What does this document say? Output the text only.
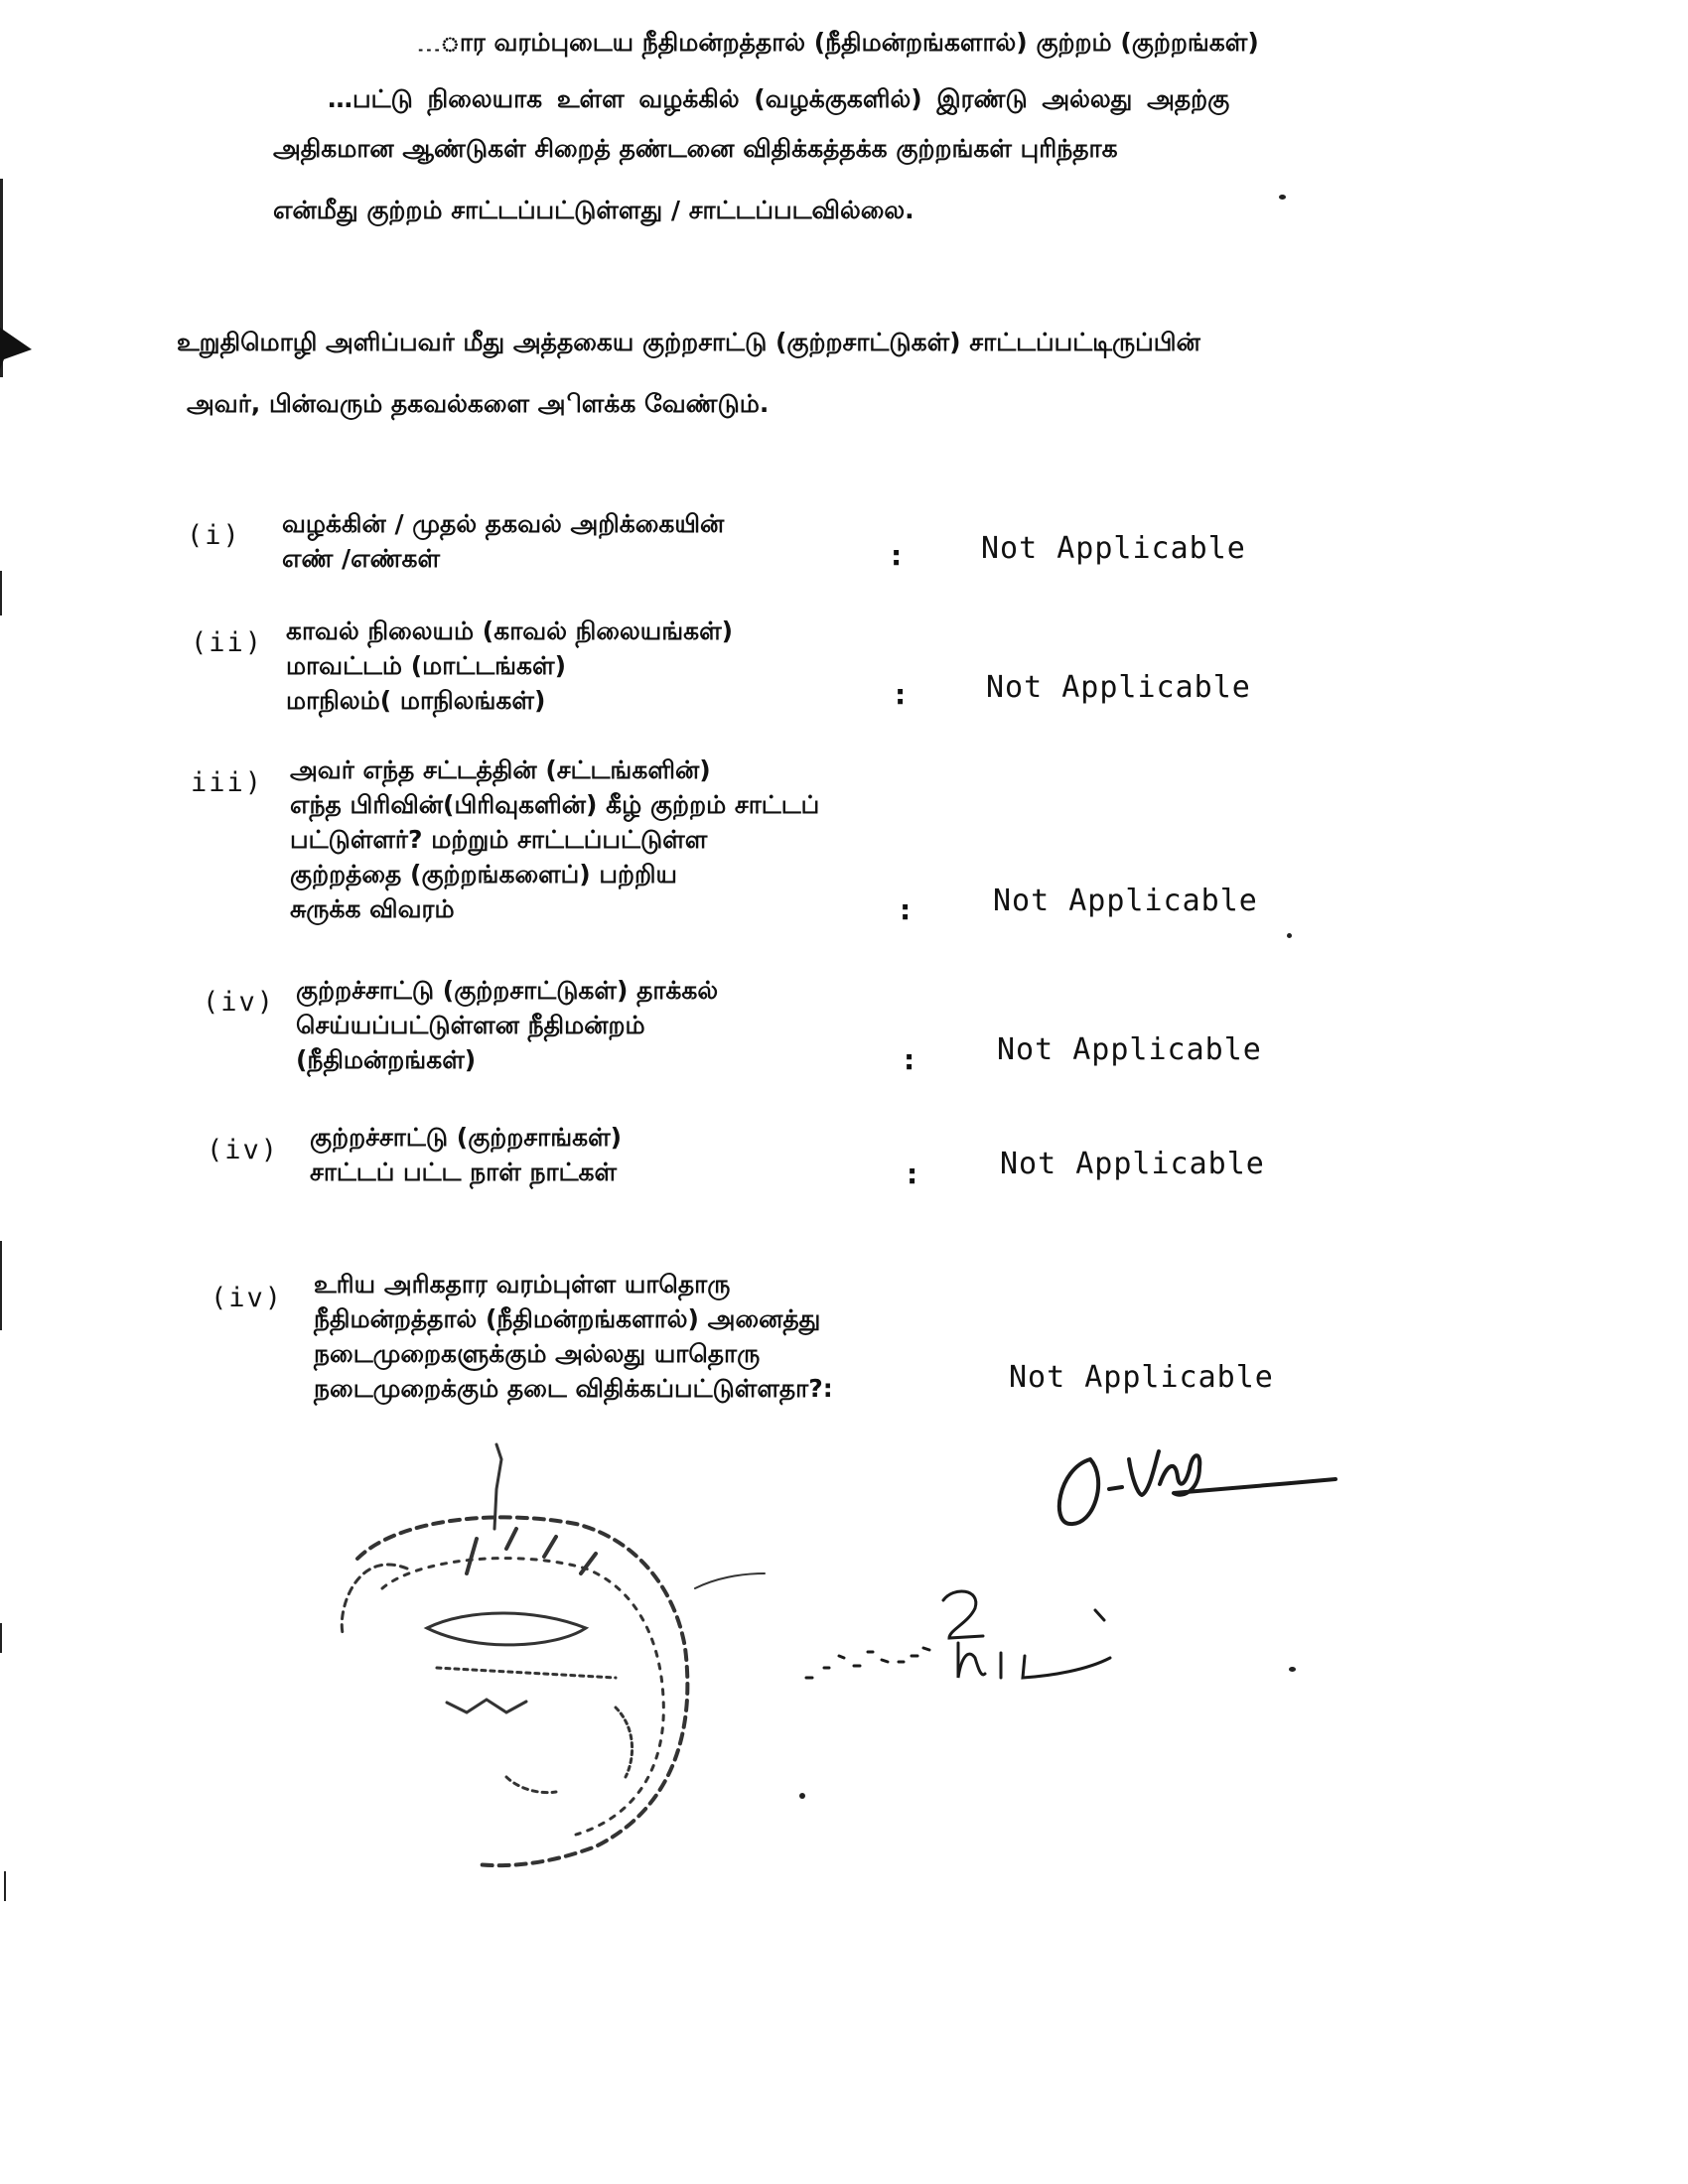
…ார வரம்புடைய நீதிமன்றத்தால் (நீதிமன்றங்களால்) குற்றம் (குற்றங்கள்)
…பட்டு நிலையாக உள்ள வழக்கில் (வழக்குகளில்) இரண்டு அல்லது அதற்கு
அதிகமான ஆண்டுகள் சிறைத் தண்டனை விதிக்கத்தக்க குற்றங்கள் புரிந்தாக
என்மீது குற்றம் சாட்டப்பட்டுள்ளது / சாட்டப்படவில்லை.
உறுதிமொழி அளிப்பவர் மீது அத்தகைய குற்றசாட்டு (குற்றசாட்டுகள்) சாட்டப்பட்டிருப்பின்
அவர், பின்வரும் தகவல்களை அிளக்க வேண்டும்.
(i) வழக்கின் / முதல் தகவல் அறிக்கையின்
எண் /எண்கள்	:	Not Applicable
(ii) காவல் நிலையம் (காவல் நிலையங்கள்)
மாவட்டம் (மாட்டங்கள்)
மாநிலம்( மாநிலங்கள்)	:	Not Applicable
iii) அவர் எந்த சட்டத்தின் (சட்டங்களின்)
எந்த பிரிவின்(பிரிவுகளின்) கீழ் குற்றம் சாட்டப்
பட்டுள்ளர்? மற்றும் சாட்டப்பட்டுள்ள
குற்றத்தை (குற்றங்களைப்) பற்றிய
சுருக்க விவரம்	:	Not Applicable
(iv) குற்றச்சாட்டு (குற்றசாட்டுகள்) தாக்கல்
செய்யப்பட்டுள்ளன நீதிமன்றம்
(நீதிமன்றங்கள்)	:	Not Applicable
(iv) குற்றச்சாட்டு (குற்றசாங்கள்)
சாட்டப் பட்ட நாள் நாட்கள்	:	Not Applicable
(iv) உரிய அரிகதார வரம்புள்ள யாதொரு
நீதிமன்றத்தால் (நீதிமன்றங்களால்) அனைத்து
நடைமுறைகளுக்கும் அல்லது யாதொரு
நடைமுறைக்கும் தடை விதிக்கப்பட்டுள்ளதா?:	Not Applicable
